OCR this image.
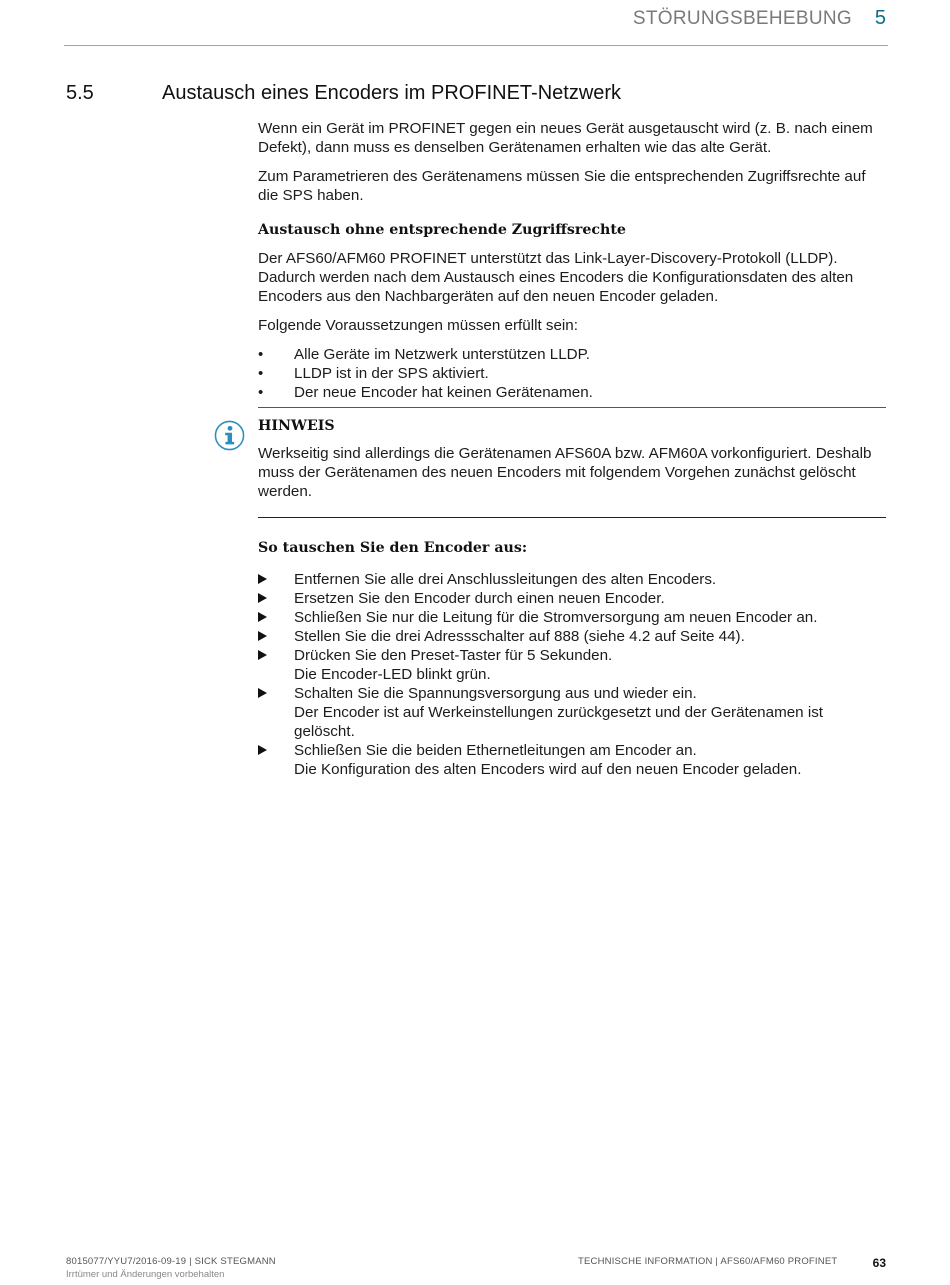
STÖRUNGSBEHEBUNG 5
5.5	Austausch eines Encoders im PROFINET-Netzwerk

Wenn ein Gerät im PROFINET gegen ein neues Gerät ausgetauscht wird (z. B. nach einem Defekt), dann muss es denselben Gerätenamen erhalten wie das alte Gerät.

Zum Parametrieren des Gerätenamens müssen Sie die entsprechenden Zugriffsrechte auf die SPS haben.

Austausch ohne entsprechende Zugriffsrechte

Der AFS60/AFM60 PROFINET unterstützt das Link-Layer-Discovery-Protokoll (LLDP). Dadurch werden nach dem Austausch eines Encoders die Konfigurationsdaten des alten Encoders aus den Nachbargeräten auf den neuen Encoder geladen.

Folgende Voraussetzungen müssen erfüllt sein:

• Alle Geräte im Netzwerk unterstützen LLDP.
• LLDP ist in der SPS aktiviert.
• Der neue Encoder hat keinen Gerätenamen.
HINWEIS

Werkseitig sind allerdings die Gerätenamen AFS60A bzw. AFM60A vorkonfiguriert. Deshalb muss der Gerätenamen des neuen Encoders mit folgendem Vorgehen zunächst gelöscht werden.

So tauschen Sie den Encoder aus:
Entfernen Sie alle drei Anschlussleitungen des alten Encoders.
Ersetzen Sie den Encoder durch einen neuen Encoder.
Schließen Sie nur die Leitung für die Stromversorgung am neuen Encoder an.
Stellen Sie die drei Adressschalter auf 888 (siehe 4.2 auf Seite 44).
Drücken Sie den Preset-Taster für 5 Sekunden.
Die Encoder-LED blinkt grün.
Schalten Sie die Spannungsversorgung aus und wieder ein.
Der Encoder ist auf Werkeinstellungen zurückgesetzt und der Gerätenamen ist gelöscht.
Schließen Sie die beiden Ethernetleitungen am Encoder an.
Die Konfiguration des alten Encoders wird auf den neuen Encoder geladen.
8015077/YYU7/2016-09-19 | SICK STEGMANN
Irrtümer und Änderungen vorbehalten
TECHNISCHE INFORMATION | AFS60/AFM60 PROFINET	63
